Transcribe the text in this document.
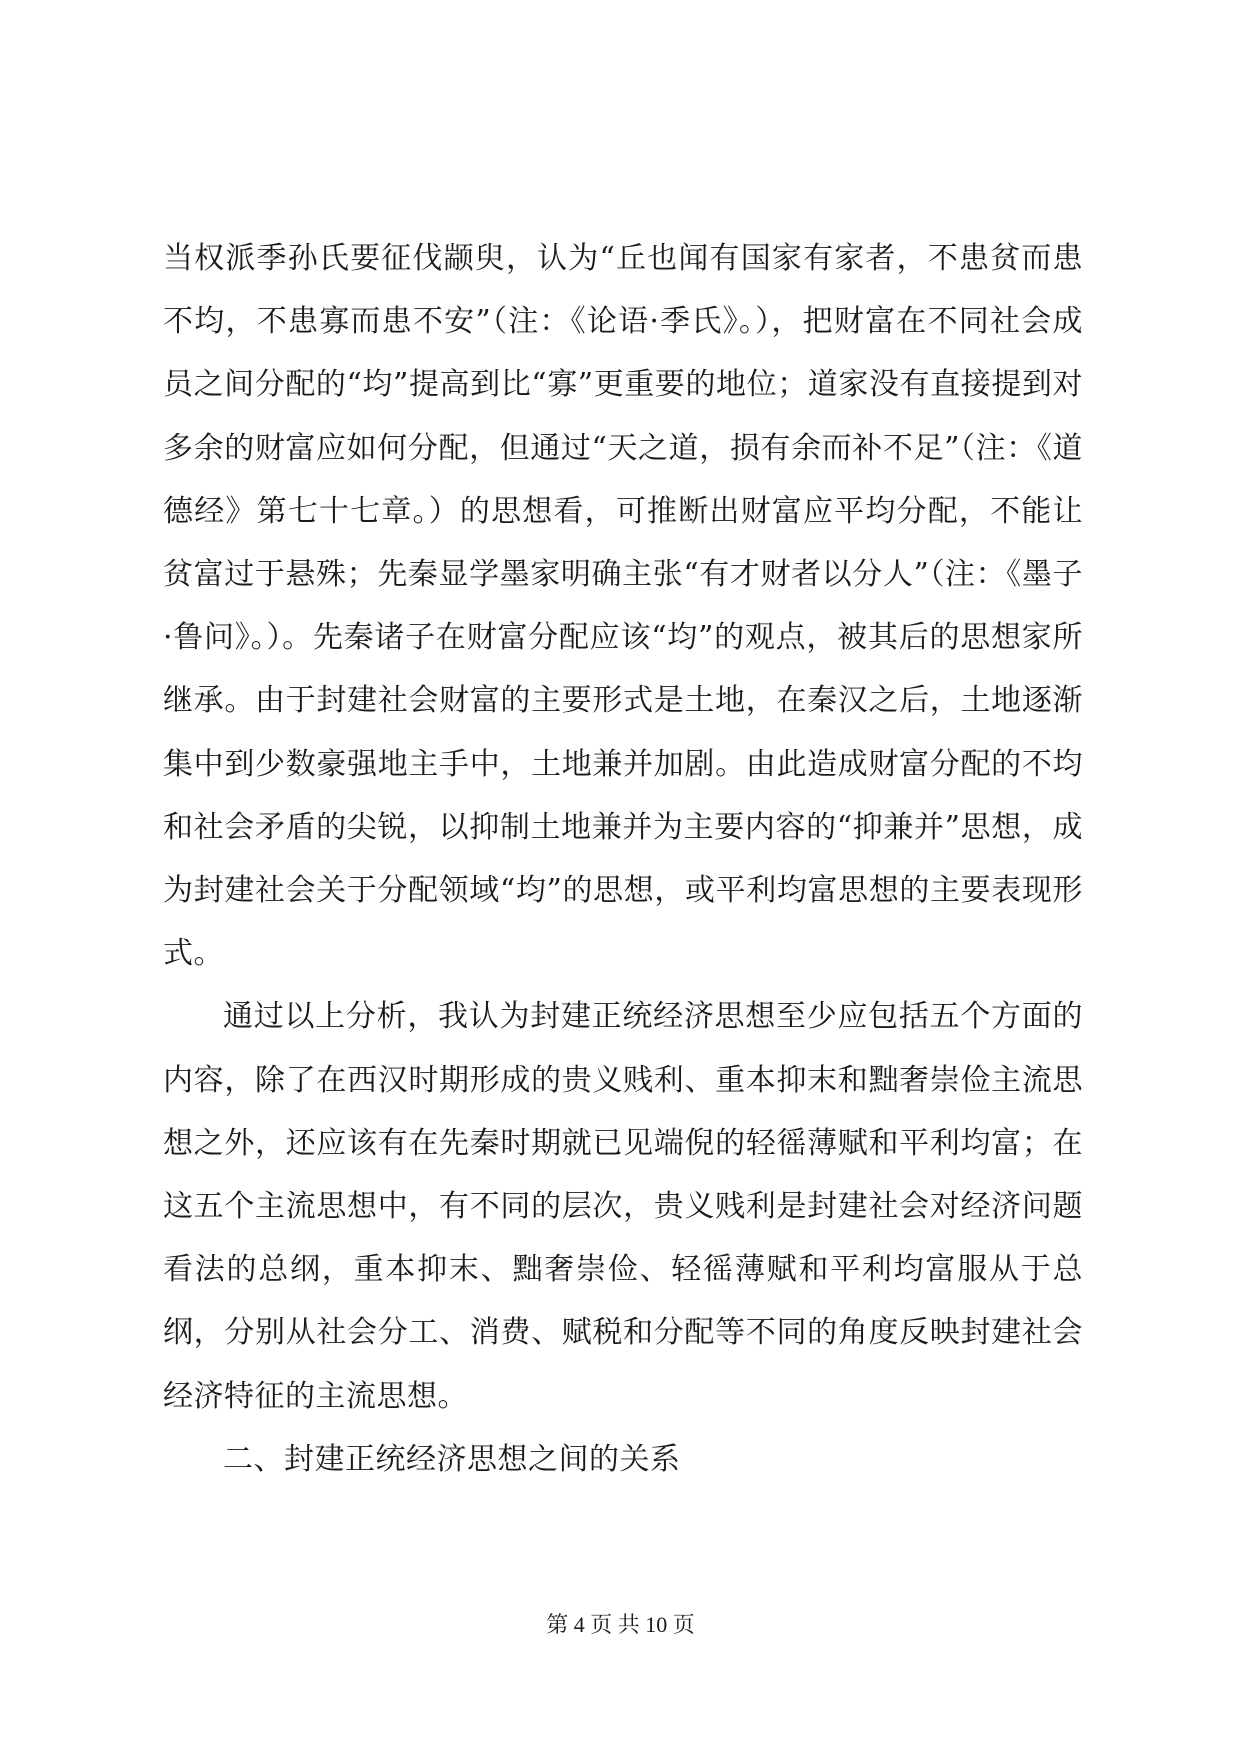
当权派季孙氏要征伐颛臾，认为“丘也闻有国家有家者，不患贫而患不均，不患寡而患不安”（注：《论语·季氏》。），把财富在不同社会成员之间分配的“均”提高到比“寡”更重要的地位；道家没有直接提到对多余的财富应如何分配，但通过“天之道，损有余而补不足”（注：《道德经》第七十七章。）的思想看，可推断出财富应平均分配，不能让贫富过于悬殊；先秦显学墨家明确主张“有才财者以分人”（注：《墨子·鲁问》。）。先秦诸子在财富分配应该“均”的观点，被其后的思想家所继承。由于封建社会财富的主要形式是土地，在秦汉之后，土地逐渐集中到少数豪强地主手中，土地兼并加剧。由此造成财富分配的不均和社会矛盾的尖锐，以抑制土地兼并为主要内容的“抑兼并”思想，成为封建社会关于分配领域“均”的思想，或平利均富思想的主要表现形式。

通过以上分析，我认为封建正统经济思想至少应包括五个方面的内容，除了在西汉时期形成的贵义贱利、重本抑末和黜奢崇俭主流思想之外，还应该有在先秦时期就已见端倪的轻徭薄赋和平利均富；在这五个主流思想中，有不同的层次，贵义贱利是封建社会对经济问题看法的总纲，重本抑末、黜奢崇俭、轻徭薄赋和平利均富服从于总纲，分别从社会分工、消费、赋税和分配等不同的角度反映封建社会经济特征的主流思想。

二、封建正统经济思想之间的关系

第 4 页 共 10 页
